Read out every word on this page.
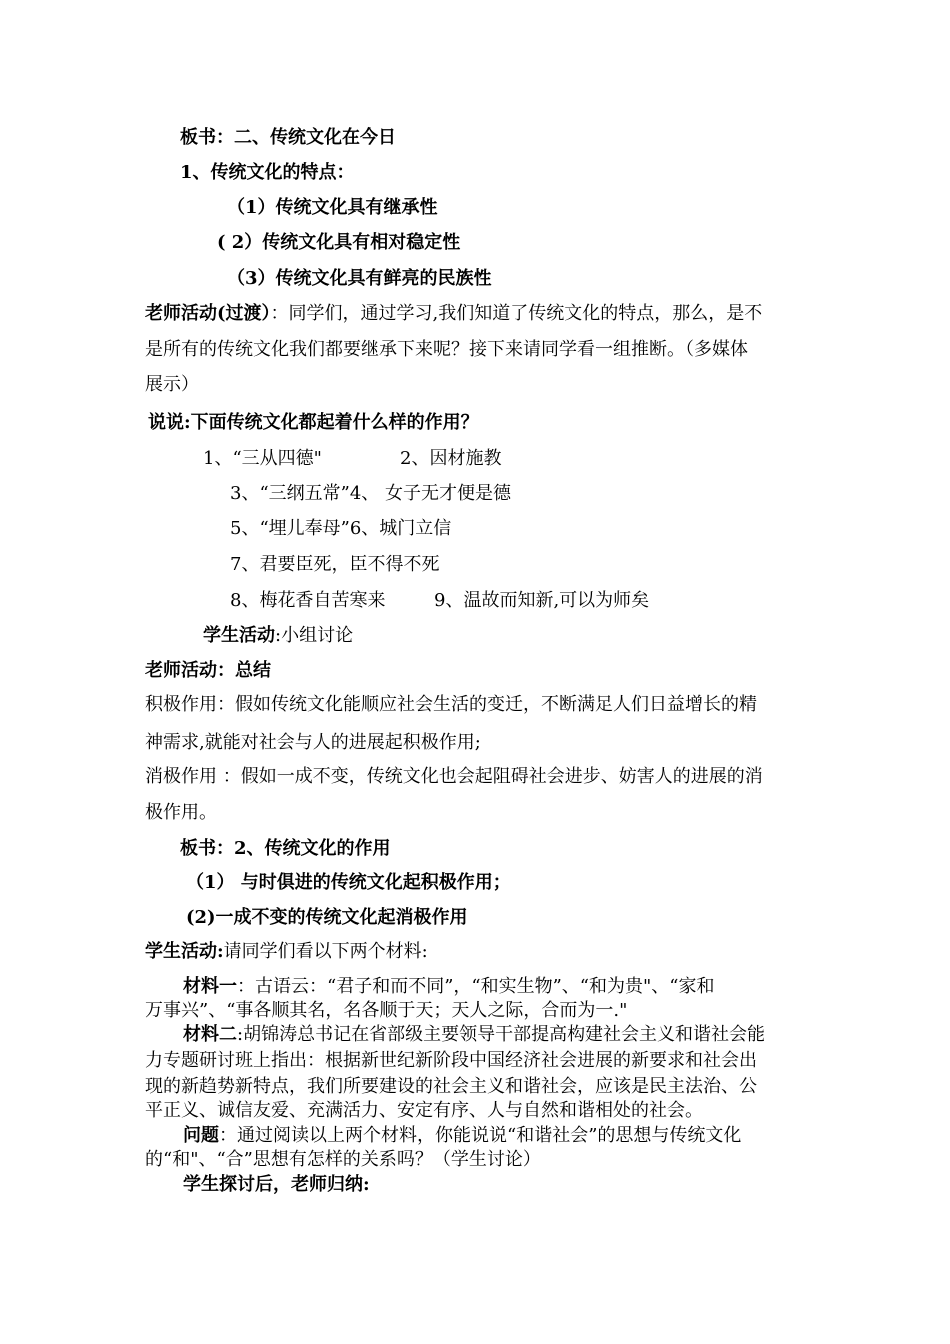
板书：二、传统文化在今日
1、传统文化的特点：
（1）传统文化具有继承性
( 2）传统文化具有相对稳定性
（3）传统文化具有鲜亮的民族性
老师活动(过渡）：同学们，通过学习,我们知道了传统文化的特点，那么，是不
是所有的传统文化我们都要继承下来呢？接下来请同学看一组推断。（多媒体
展示）
说说:下面传统文化都起着什么样的作用？
1、“三从四德"	2、因材施教
3、“三纲五常”4、 女子无才便是德
5、“埋儿奉母”6、城门立信
7、君要臣死，臣不得不死
8、梅花香自苦寒来	9、温故而知新,可以为师矣
学生活动:小组讨论
老师活动：总结
积极作用：假如传统文化能顺应社会生活的变迁，不断满足人们日益增长的精
神需求,就能对社会与人的进展起积极作用;
消极作用 ：假如一成不变，传统文化也会起阻碍社会进步、妨害人的进展的消
极作用。
板书：2、传统文化的作用
（1） 与时俱进的传统文化起积极作用；
(2)一成不变的传统文化起消极作用
学生活动:请同学们看以下两个材料:
材料一：古语云：“君子和而不同”，“和实生物”、“和为贵"、“家和
万事兴”、“事各顺其名，名各顺于天；天人之际，合而为一."
材料二:胡锦涛总书记在省部级主要领导干部提高构建社会主义和谐社会能
力专题研讨班上指出：根据新世纪新阶段中国经济社会进展的新要求和社会出
现的新趋势新特点，我们所要建设的社会主义和谐社会，应该是民主法治、公
平正义、诚信友爱、充满活力、安定有序、人与自然和谐相处的社会。
问题：通过阅读以上两个材料，你能说说“和谐社会”的思想与传统文化
的“和"、“合”思想有怎样的关系吗？（学生讨论）
学生探讨后，老师归纳:
